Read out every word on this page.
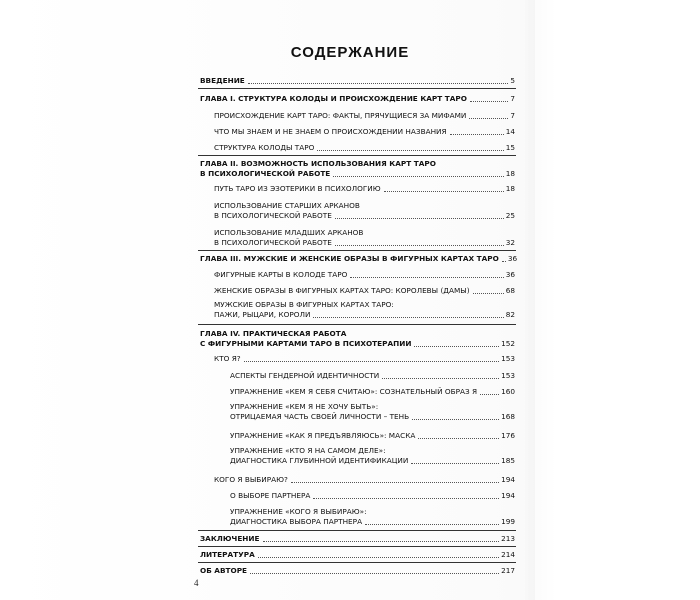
СОДЕРЖАНИЕ
ВВЕДЕНИЕ	5
ГЛАВА I. СТРУКТУРА КОЛОДЫ И ПРОИСХОЖДЕНИЕ КАРТ ТАРО	7
ПРОИСХОЖДЕНИЕ КАРТ ТАРО: ФАКТЫ, ПРЯЧУЩИЕСЯ ЗА МИФАМИ	7
ЧТО МЫ ЗНАЕМ И НЕ ЗНАЕМ О ПРОИСХОЖДЕНИИ НАЗВАНИЯ	14
СТРУКТУРА КОЛОДЫ ТАРО	15
ГЛАВА II. ВОЗМОЖНОСТЬ ИСПОЛЬЗОВАНИЯ КАРТ ТАРО
В ПСИХОЛОГИЧЕСКОЙ РАБОТЕ	18
ПУТЬ ТАРО ИЗ ЭЗОТЕРИКИ В ПСИХОЛОГИЮ	18
ИСПОЛЬЗОВАНИЕ СТАРШИХ АРКАНОВ
В ПСИХОЛОГИЧЕСКОЙ РАБОТЕ	25
ИСПОЛЬЗОВАНИЕ МЛАДШИХ АРКАНОВ
В ПСИХОЛОГИЧЕСКОЙ РАБОТЕ	32
ГЛАВА III. МУЖСКИЕ И ЖЕНСКИЕ ОБРАЗЫ В ФИГУРНЫХ КАРТАХ ТАРО 36
ФИГУРНЫЕ КАРТЫ В КОЛОДЕ ТАРО	36
ЖЕНСКИЕ ОБРАЗЫ В ФИГУРНЫХ КАРТАХ ТАРО: КОРОЛЕВЫ (ДАМЫ)	68
МУЖСКИЕ ОБРАЗЫ В ФИГУРНЫХ КАРТАХ ТАРО:
ПАЖИ, РЫЦАРИ, КОРОЛИ	82
ГЛАВА IV. ПРАКТИЧЕСКАЯ РАБОТА
С ФИГУРНЫМИ КАРТАМИ ТАРО В ПСИХОТЕРАПИИ	152
КТО Я?	153
АСПЕКТЫ ГЕНДЕРНОЙ ИДЕНТИЧНОСТИ	153
УПРАЖНЕНИЕ «КЕМ Я СЕБЯ СЧИТАЮ»: СОЗНАТЕЛЬНЫЙ ОБРАЗ Я	160
УПРАЖНЕНИЕ «КЕМ Я НЕ ХОЧУ БЫТЬ»:
ОТРИЦАЕМАЯ ЧАСТЬ СВОЕЙ ЛИЧНОСТИ – ТЕНЬ	168
УПРАЖНЕНИЕ «КАК Я ПРЕДЪЯВЛЯЮСЬ»: МАСКА	176
УПРАЖНЕНИЕ «КТО Я НА САМОМ ДЕЛЕ»:
ДИАГНОСТИКА ГЛУБИННОЙ ИДЕНТИФИКАЦИИ	185
КОГО Я ВЫБИРАЮ?	194
О ВЫБОРЕ ПАРТНЕРА	194
УПРАЖНЕНИЕ «КОГО Я ВЫБИРАЮ»:
ДИАГНОСТИКА ВЫБОРА ПАРТНЕРА	199
ЗАКЛЮЧЕНИЕ	213
ЛИТЕРАТУРА	214
ОБ АВТОРЕ	217
4
